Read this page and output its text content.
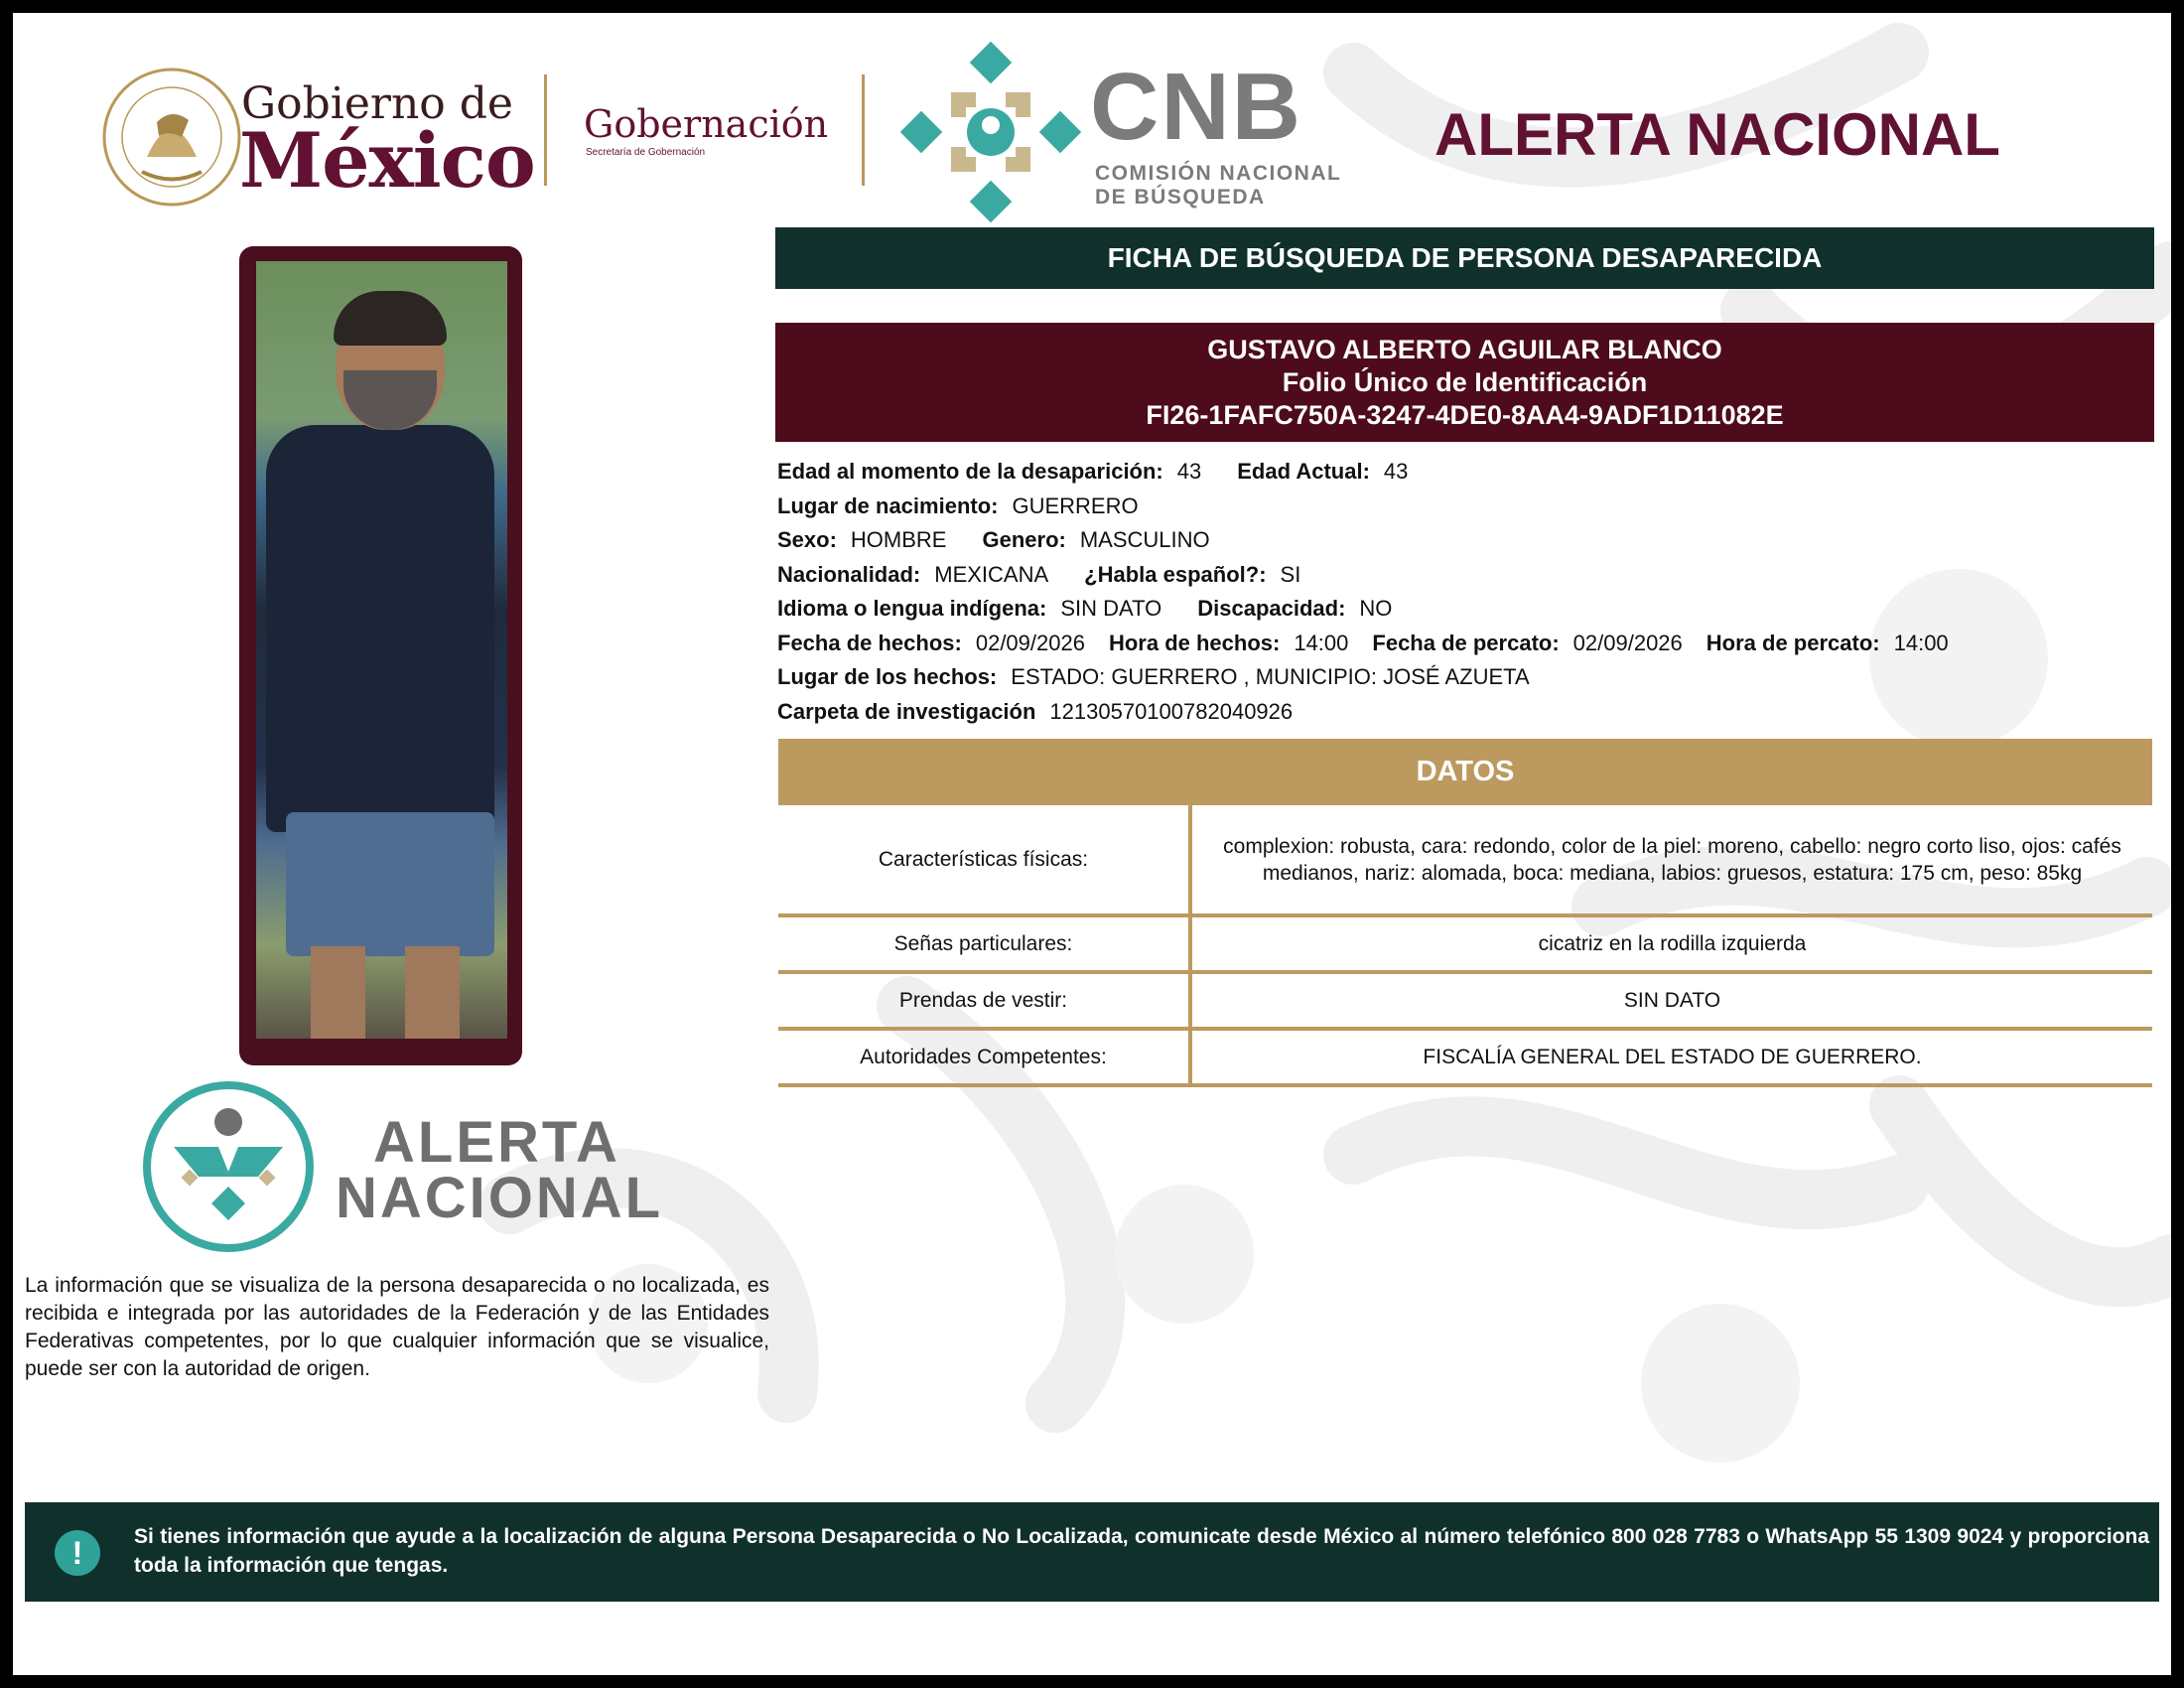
Gobierno de
México Gobernación
Secretaría de Gobernación	CNB
COMISIÓN NACIONAL
DE BÚSQUEDA
ALERTA NACIONAL
ALERTA
NACIONAL
La información que se visualiza de la persona desaparecida o no localizada, es recibida e integrada por las autoridades de la Federación y de las Entidades Federativas competentes, por lo que cualquier información que se visualice, puede ser con la autoridad de origen.
FICHA DE BÚSQUEDA DE PERSONA DESAPARECIDA
GUSTAVO ALBERTO AGUILAR BLANCO
Folio Único de Identificación
FI26-1FAFC750A-3247-4DE0-8AA4-9ADF1D11082E
Edad al momento de la desaparición: 43 Edad Actual: 43
Lugar de nacimiento: GUERRERO
Sexo: HOMBRE Genero: MASCULINO
Nacionalidad: MEXICANA ¿Habla español?: SI
Idioma o lengua indígena: SIN DATO Discapacidad: NO
Fecha de hechos: 02/09/2026 Hora de hechos: 14:00 Fecha de percato: 02/09/2026 Hora de percato: 14:00
Lugar de los hechos: ESTADO: GUERRERO , MUNICIPIO: JOSÉ AZUETA
Carpeta de investigación 12130570100782040926
DATOS
Características físicas:	complexion: robusta, cara: redondo, color de la piel: moreno, cabello: negro corto liso, ojos: cafés medianos, nariz: alomada, boca: mediana, labios: gruesos, estatura: 175 cm, peso: 85kg
Señas particulares:	cicatriz en la rodilla izquierda
Prendas de vestir:	SIN DATO
Autoridades Competentes:	FISCALÍA GENERAL DEL ESTADO DE GUERRERO.
!	Si tienes información que ayude a la localización de alguna Persona Desaparecida o No Localizada, comunicate desde México al número telefónico 800 028 7783 o WhatsApp 55 1309 9024 y proporciona toda la información que tengas.
